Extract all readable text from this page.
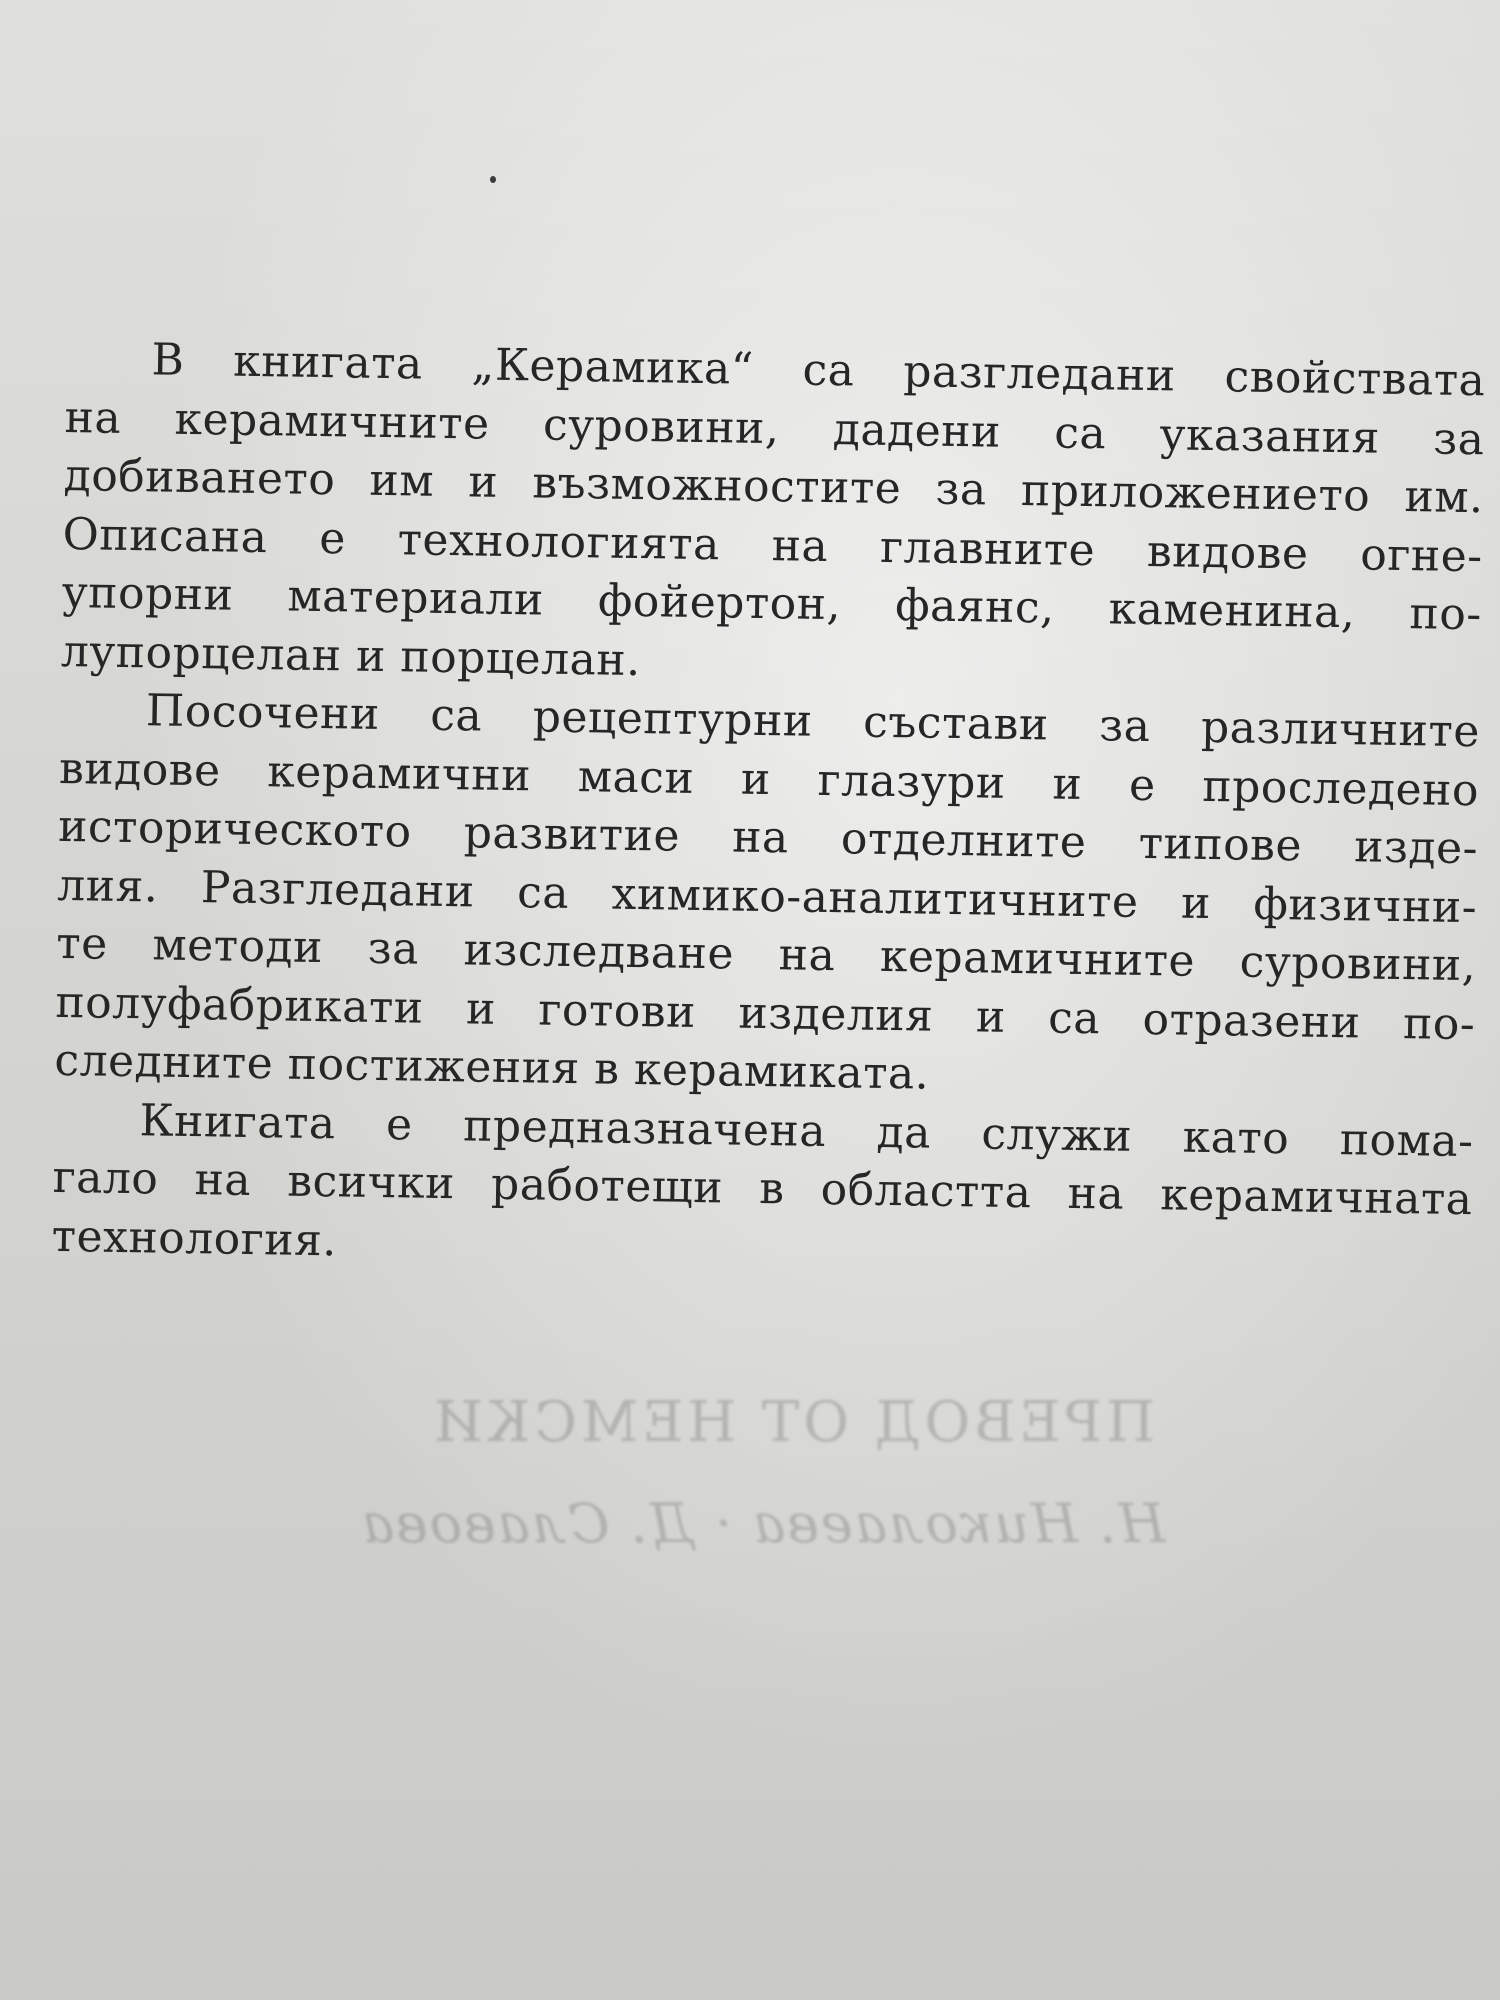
В книгата „Керамика“ са разгледани свойствата
на керамичните суровини, дадени са указания за
добиването им и възможностите за приложението им.
Описана е технологията на главните видове огне-
упорни материали фойертон, фаянс, каменина, по-
лупорцелан и порцелан.
Посочени са рецептурни състави за различните
видове керамични маси и глазури и е проследено
историческото развитие на отделните типове изде-
лия. Разгледани са химико-аналитичните и физични-
те методи за изследване на керамичните суровини,
полуфабрикати и готови изделия и са отразени по-
следните постижения в керамиката.
Книгата е предназначена да служи като пома-
гало на всички работещи в областта на керамичната
технология.
ПРЕВОД ОТ НЕМСКИ
Н. Николаева · Д. Славова
